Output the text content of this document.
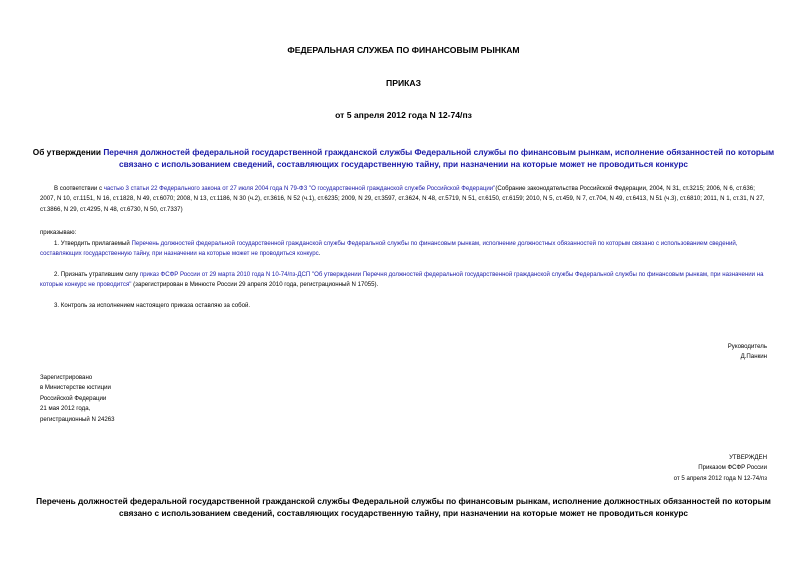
ФЕДЕРАЛЬНАЯ СЛУЖБА ПО ФИНАНСОВЫМ РЫНКАМ
ПРИКАЗ
от 5 апреля 2012 года N 12-74/пз
Об утверждении Перечня должностей федеральной государственной гражданской службы Федеральной службы по финансовым рынкам, исполнение обязанностей по которым связано с использованием сведений, составляющих государственную тайну, при назначении на которые может не проводиться конкурс
В соответствии с частью 3 статьи 22 Федерального закона от 27 июля 2004 года N 79-ФЗ "О государственной гражданской службе Российской Федерации"(Собрание законодательства Российской Федерации, 2004, N 31, ст.3215; 2006, N 6, ст.636; 2007, N 10, ст.1151, N 16, ст.1828, N 49, ст.6070; 2008, N 13, ст.1186, N 30 (ч.2), ст.3616, N 52 (ч.1), ст.6235; 2009, N 29, ст.3597, ст.3624, N 48, ст.5719, N 51, ст.6150, ст.6159; 2010, N 5, ст.459, N 7, ст.704, N 49, ст.6413, N 51 (ч.3), ст.6810; 2011, N 1, ст.31, N 27, ст.3866, N 29, ст.4295, N 48, ст.6730, N 50, ст.7337)
приказываю:
1. Утвердить прилагаемый Перечень должностей федеральной государственной гражданской службы Федеральной службы по финансовым рынкам, исполнение должностных обязанностей по которым связано с использованием сведений, составляющих государственную тайну, при назначении на которые может не проводиться конкурс.
2. Признать утратившим силу приказ ФСФР России от 29 марта 2010 года N 10-74/пз-ДСП "Об утверждении Перечня должностей федеральной государственной гражданской службы Федеральной службы по финансовым рынкам, при назначении на которые конкурс не проводится" (зарегистрирован в Минюсте России 29 апреля 2010 года, регистрационный N 17055).
3. Контроль за исполнением настоящего приказа оставляю за собой.
Руководитель
Д.Панкин
Зарегистрировано
в Министерстве юстиции
Российской Федерации
21 мая 2012 года,
регистрационный N 24263
УТВЕРЖДЕН
Приказом ФСФР России
от 5 апреля 2012 года N 12-74/пз
Перечень должностей федеральной государственной гражданской службы Федеральной службы по финансовым рынкам, исполнение должностных обязанностей по которым связано с использованием сведений, составляющих государственную тайну, при назначении на которые может не проводиться конкурс
